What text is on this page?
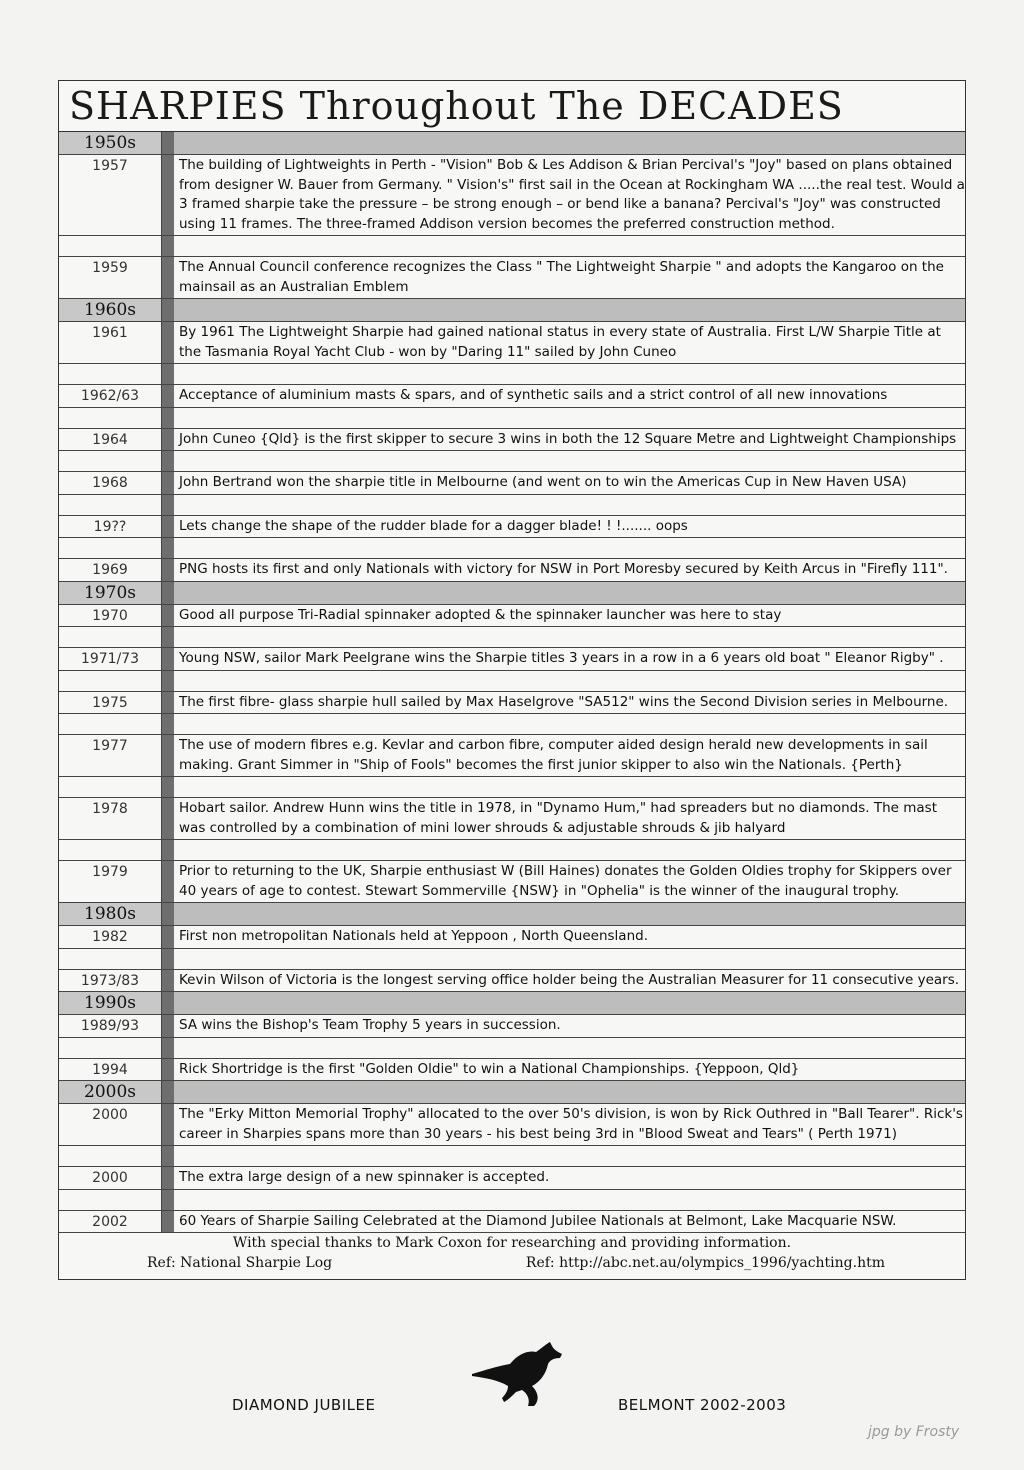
SHARPIES Throughout The DECADES
1950s
1957	The building of Lightweights in Perth - "Vision" Bob & Les Addison & Brian Percival's "Joy" based on plans obtained from designer W. Bauer from Germany. " Vision's" first sail in the Ocean at Rockingham WA .....the real test. Would a 3 framed sharpie take the pressure – be strong enough – or bend like a banana? Percival's "Joy" was constructed using 11 frames. The three-framed Addison version becomes the preferred construction method.
1959	The Annual Council conference recognizes the Class " The Lightweight Sharpie " and adopts the Kangaroo on the mainsail as an Australian Emblem
1960s
1961	By 1961 The Lightweight Sharpie had gained national status in every state of Australia. First L/W Sharpie Title at the Tasmania Royal Yacht Club - won by "Daring 11" sailed by John Cuneo
1962/63	Acceptance of aluminium masts & spars, and of synthetic sails and a strict control of all new innovations
1964	John Cuneo {Qld} is the first skipper to secure 3 wins in both the 12 Square Metre and Lightweight Championships
1968	John Bertrand won the sharpie title in Melbourne (and went on to win the Americas Cup in New Haven USA)
19??	Lets change the shape of the rudder blade for a dagger blade! ! !....... oops
1969	PNG hosts its first and only Nationals with victory for NSW in Port Moresby secured by Keith Arcus in "Firefly 111".
1970s
1970	Good all purpose Tri-Radial spinnaker adopted & the spinnaker launcher was here to stay
1971/73	Young NSW, sailor Mark Peelgrane wins the Sharpie titles 3 years in a row in a 6 years old boat " Eleanor Rigby" .
1975	The first fibre- glass sharpie hull sailed by Max Haselgrove "SA512" wins the Second Division series in Melbourne.
1977	The use of modern fibres e.g. Kevlar and carbon fibre, computer aided design herald new developments in sail making. Grant Simmer in "Ship of Fools" becomes the first junior skipper to also win the Nationals. {Perth}
1978	Hobart sailor. Andrew Hunn wins the title in 1978, in "Dynamo Hum," had spreaders but no diamonds. The mast was controlled by a combination of mini lower shrouds & adjustable shrouds & jib halyard
1979	Prior to returning to the UK, Sharpie enthusiast W (Bill Haines) donates the Golden Oldies trophy for Skippers over 40 years of age to contest. Stewart Sommerville {NSW} in "Ophelia" is the winner of the inaugural trophy.
1980s
1982	First non metropolitan Nationals held at Yeppoon , North Queensland.
1973/83	Kevin Wilson of Victoria is the longest serving office holder being the Australian Measurer for 11 consecutive years.
1990s
1989/93	SA wins the Bishop's Team Trophy 5 years in succession.
1994	Rick Shortridge is the first "Golden Oldie" to win a National Championships. {Yeppoon, Qld}
2000s
2000	The "Erky Mitton Memorial Trophy" allocated to the over 50's division, is won by Rick Outhred in "Ball Tearer". Rick's career in Sharpies spans more than 30 years - his best being 3rd in "Blood Sweat and Tears" ( Perth 1971)
2000	The extra large design of a new spinnaker is accepted.
2002	60 Years of Sharpie Sailing Celebrated at the Diamond Jubilee Nationals at Belmont, Lake Macquarie NSW.
With special thanks to Mark Coxon for researching and providing information.
Ref: National Sharpie Log	Ref: http://abc.net.au/olympics_1996/yachting.htm
DIAMOND JUBILEE	BELMONT 2002-2003
jpg by Frosty
